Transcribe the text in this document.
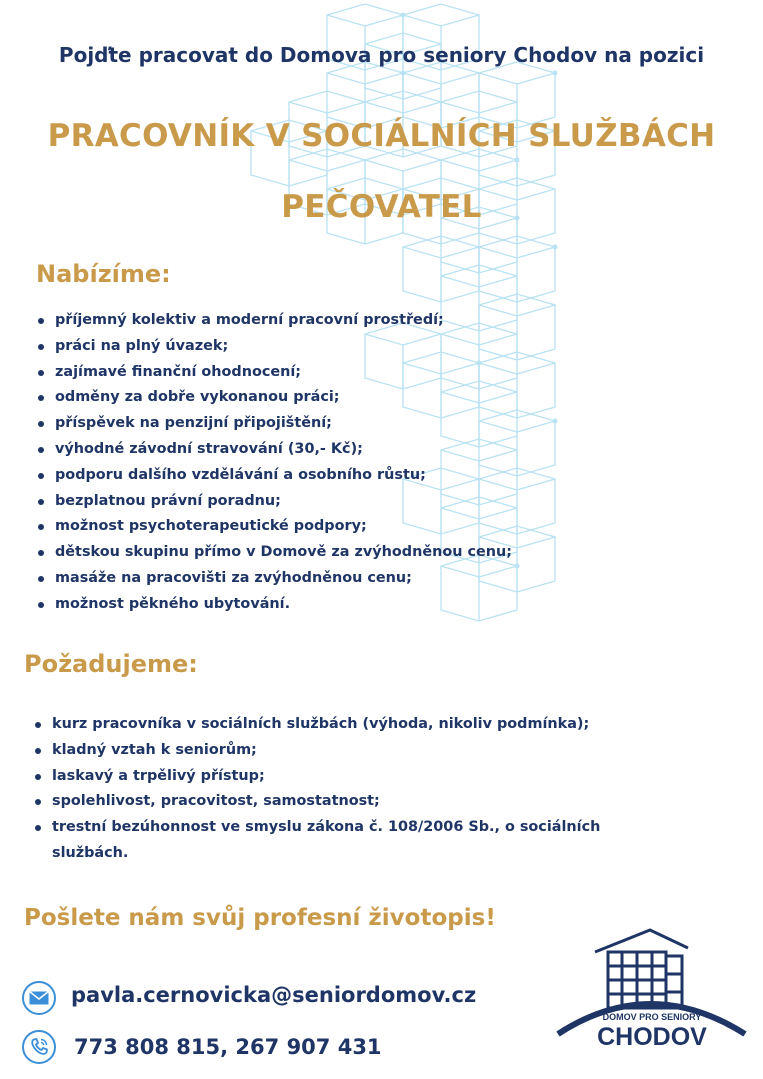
Pojďte pracovat do Domova pro seniory Chodov na pozici
PRACOVNÍK V SOCIÁLNÍCH SLUŽBÁCH
PEČOVATEL
Nabízíme:
příjemný kolektiv a moderní pracovní prostředí;
práci na plný úvazek;
zajímavé finanční ohodnocení;
odměny za dobře vykonanou práci;
příspěvek na penzijní připojištění;
výhodné závodní stravování (30,- Kč);
podporu dalšího vzdělávání a osobního růstu;
bezplatnou právní poradnu;
možnost psychoterapeutické podpory;
dětskou skupinu přímo v Domově za zvýhodněnou cenu;
masáže na pracovišti za zvýhodněnou cenu;
možnost pěkného ubytování.
Požadujeme:
kurz pracovníka v sociálních službách (výhoda, nikoliv podmínka);
kladný vztah k seniorům;
laskavý a trpělivý přístup;
spolehlivost, pracovitost, samostatnost;
trestní bezúhonnost ve smyslu zákona č. 108/2006 Sb., o sociálních službách.
Pošlete nám svůj profesní životopis!
pavla.cernovicka@seniordomov.cz
773 808 815, 267 907 431
DOMOV PRO SENIORY
CHODOV
